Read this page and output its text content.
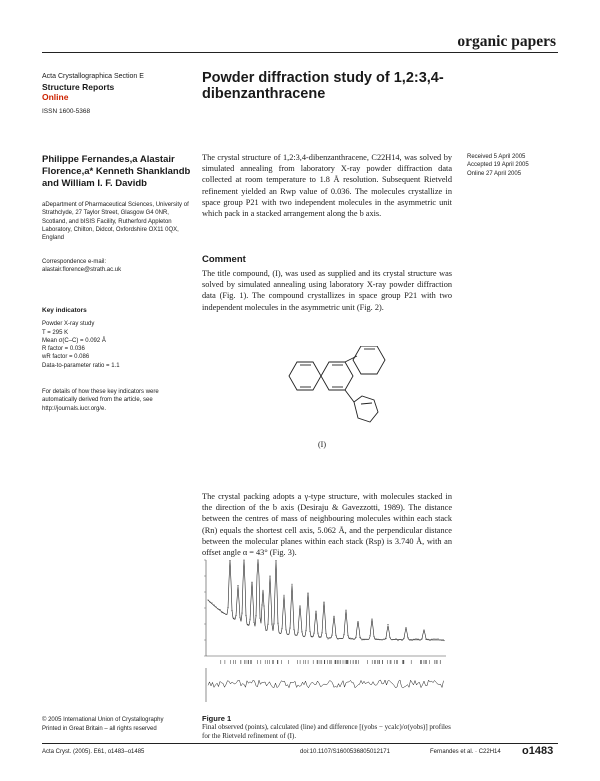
organic papers
Acta Crystallographica Section E
Structure Reports
Online
ISSN 1600-5368
Powder diffraction study of 1,2:3,4-dibenzanthracene
Philippe Fernandes,a Alastair Florence,a* Kenneth Shanklandb and William I. F. Davidb
aDepartment of Pharmaceutical Sciences, University of Strathclyde, 27 Taylor Street, Glasgow G4 0NR, Scotland, and bISIS Facility, Rutherford Appleton Laboratory, Chilton, Didcot, Oxfordshire OX11 0QX, England
Correspondence e-mail:
alastair.florence@strath.ac.uk
Key indicators
Powder X-ray study
T = 295 K
Mean σ(C–C) = 0.092 Å
R factor = 0.036
wR factor = 0.086
Data-to-parameter ratio = 1.1
For details of how these key indicators were automatically derived from the article, see http://journals.iucr.org/e.
Received 5 April 2005
Accepted 19 April 2005
Online 27 April 2005
The crystal structure of 1,2:3,4-dibenzanthracene, C22H14, was solved by simulated annealing from laboratory X-ray powder diffraction data collected at room temperature to 1.8 Å resolution. Subsequent Rietveld refinement yielded an Rwp value of 0.036. The molecules crystallize in space group P21 with two independent molecules in the asymmetric unit which pack in a stacked arrangement along the b axis.
Comment
The title compound, (I), was used as supplied and its crystal structure was solved by simulated annealing using laboratory X-ray powder diffraction data (Fig. 1). The compound crystallizes in space group P21 with two independent molecules in the asymmetric unit (Fig. 2).
(I)
The crystal packing adopts a γ-type structure, with molecules stacked in the direction of the b axis (Desiraju & Gavezzotti, 1989). The distance between the centres of mass of neighbouring molecules within each stack (Rn) equals the shortest cell axis, 5.062 Å, and the perpendicular distance between the molecular planes within each stack (Rsp) is 3.740 Å, with an offset angle α = 43° (Fig. 3).
Figure 1
Final observed (points), calculated (line) and difference [(yobs − ycalc)/σ(yobs)] profiles for the Rietveld refinement of (I).
© 2005 International Union of Crystallography
Printed in Great Britain – all rights reserved
Acta Cryst. (2005). E61, o1483–o1485	doi:10.1107/S1600536805012171	Fernandes et al. · C22H14 o1483
